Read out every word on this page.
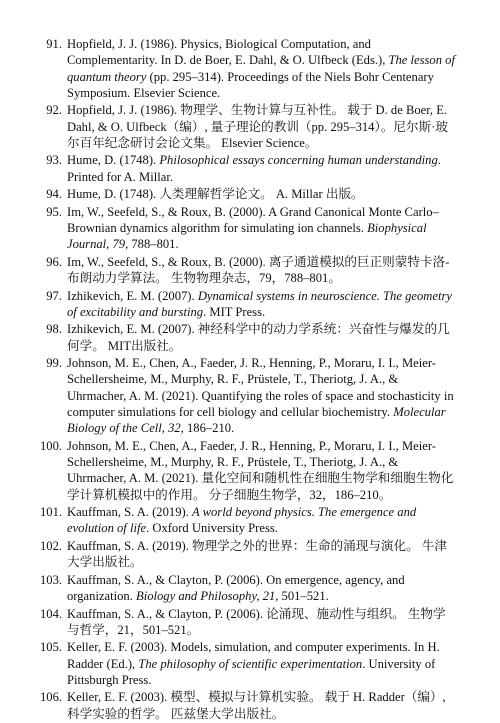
91. Hopfield, J. J. (1986). Physics, Biological Computation, and Complementarity. In D. de Boer, E. Dahl, & O. Ulfbeck (Eds.), The lesson of quantum theory (pp. 295–314). Proceedings of the Niels Bohr Centenary Symposium. Elsevier Science.
92. Hopfield, J. J. (1986). 物理学、生物计算与互补性。 载于 D. de Boer, E. Dahl, & O. Ulfbeck（编）, 量子理论的教训（pp. 295–314）。尼尔斯·玻尔百年纪念研讨会论文集。 Elsevier Science。
93. Hume, D. (1748). Philosophical essays concerning human understanding. Printed for A. Millar.
94. Hume, D. (1748). 人类理解哲学论文。 A. Millar 出版。
95. Im, W., Seefeld, S., & Roux, B. (2000). A Grand Canonical Monte Carlo–Brownian dynamics algorithm for simulating ion channels. Biophysical Journal, 79, 788–801.
96. Im, W., Seefeld, S., & Roux, B. (2000). 离子通道模拟的巨正则蒙特卡洛-布朗动力学算法。 生物物理杂志，79，788–801。
97. Izhikevich, E. M. (2007). Dynamical systems in neuroscience. The geometry of excitability and bursting. MIT Press.
98. Izhikevich, E. M. (2007). 神经科学中的动力学系统：兴奋性与爆发的几何学。 MIT出版社。
99. Johnson, M. E., Chen, A., Faeder, J. R., Henning, P., Moraru, I. I., Meier-Schellersheime, M., Murphy, R. F., Prüstele, T., Theriotg, J. A., & Uhrmacher, A. M. (2021). Quantifying the roles of space and stochasticity in computer simulations for cell biology and cellular biochemistry. Molecular Biology of the Cell, 32, 186–210.
100. Johnson, M. E., Chen, A., Faeder, J. R., Henning, P., Moraru, I. I., Meier-Schellersheime, M., Murphy, R. F., Prüstele, T., Theriotg, J. A., & Uhrmacher, A. M. (2021). 量化空间和随机性在细胞生物学和细胞生物化学计算机模拟中的作用。 分子细胞生物学，32，186–210。
101. Kauffman, S. A. (2019). A world beyond physics. The emergence and evolution of life. Oxford University Press.
102. Kauffman, S. A. (2019). 物理学之外的世界：生命的涌现与演化。 牛津大学出版社。
103. Kauffman, S. A., & Clayton, P. (2006). On emergence, agency, and organization. Biology and Philosophy, 21, 501–521.
104. Kauffman, S. A., & Clayton, P. (2006). 论涌现、施动性与组织。 生物学与哲学，21，501–521。
105. Keller, E. F. (2003). Models, simulation, and computer experiments. In H. Radder (Ed.), The philosophy of scientific experimentation. University of Pittsburgh Press.
106. Keller, E. F. (2003). 模型、模拟与计算机实验。 载于 H. Radder（编）, 科学实验的哲学。 匹兹堡大学出版社。
